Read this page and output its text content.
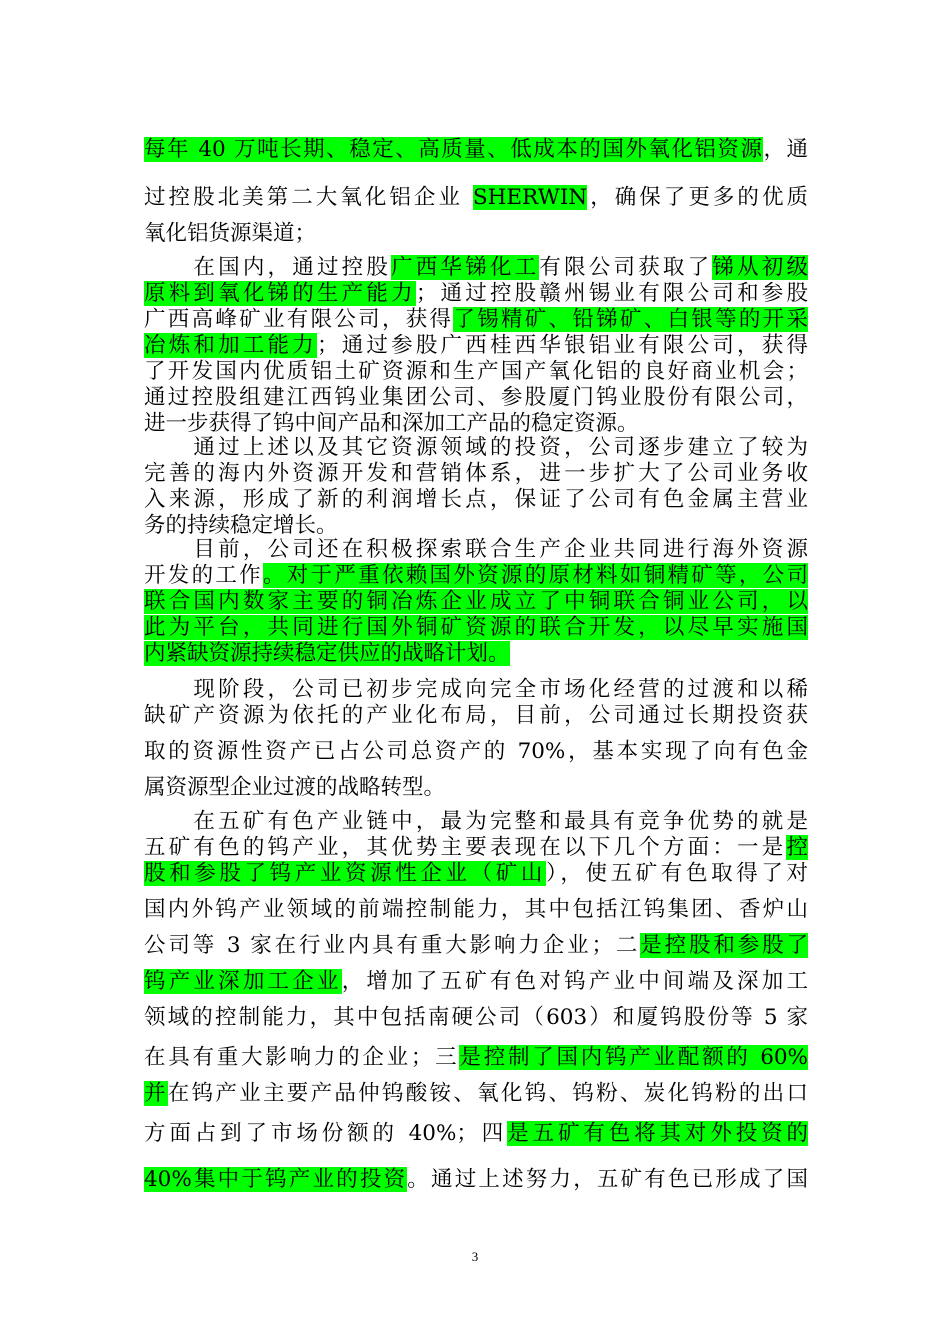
每年 40 万吨长期、稳定、高质量、低成本的国外氧化铝资源，通
过控股北美第二大氧化铝企业 SHERWIN，确保了更多的优质
氧化铝货源渠道；
　　在国内，通过控股广西华锑化工有限公司获取了锑从初级
原料到氧化锑的生产能力；通过控股赣州锡业有限公司和参股
广西高峰矿业有限公司，获得了锡精矿、铅锑矿、白银等的开采
冶炼和加工能力；通过参股广西桂西华银铝业有限公司，获得
了开发国内优质铝土矿资源和生产国产氧化铝的良好商业机会；
通过控股组建江西钨业集团公司、参股厦门钨业股份有限公司，
进一步获得了钨中间产品和深加工产品的稳定资源。
　　通过上述以及其它资源领域的投资，公司逐步建立了较为
完善的海内外资源开发和营销体系，进一步扩大了公司业务收
入来源，形成了新的利润增长点，保证了公司有色金属主营业
务的持续稳定增长。
　　目前，公司还在积极探索联合生产企业共同进行海外资源
开发的工作。对于严重依赖国外资源的原材料如铜精矿等，公司
联合国内数家主要的铜冶炼企业成立了中铜联合铜业公司，以
此为平台，共同进行国外铜矿资源的联合开发，以尽早实施国
内紧缺资源持续稳定供应的战略计划。
　　现阶段，公司已初步完成向完全市场化经营的过渡和以稀
缺矿产资源为依托的产业化布局，目前，公司通过长期投资获
取的资源性资产已占公司总资产的 70%，基本实现了向有色金
属资源型企业过渡的战略转型。
　　在五矿有色产业链中，最为完整和最具有竞争优势的就是
五矿有色的钨产业，其优势主要表现在以下几个方面：一是控
股和参股了钨产业资源性企业（矿山），使五矿有色取得了对
国内外钨产业领域的前端控制能力，其中包括江钨集团、香炉山
公司等 3 家在行业内具有重大影响力企业；二是控股和参股了
钨产业深加工企业，增加了五矿有色对钨产业中间端及深加工
领域的控制能力，其中包括南硬公司（603）和厦钨股份等 5 家
在具有重大影响力的企业；三是控制了国内钨产业配额的 60%
并在钨产业主要产品仲钨酸铵、氧化钨、钨粉、炭化钨粉的出口
方面占到了市场份额的 40%；四是五矿有色将其对外投资的
40%集中于钨产业的投资。通过上述努力，五矿有色已形成了国
3
